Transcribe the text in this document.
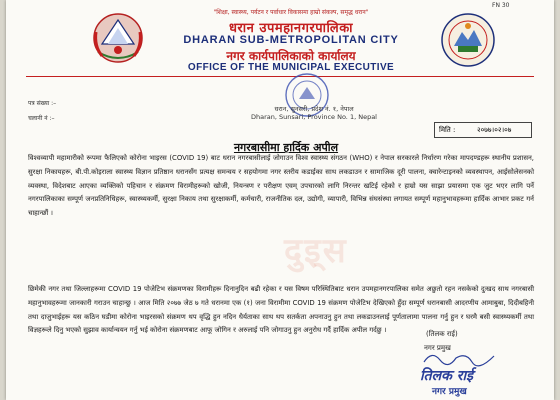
FN 30
"शिक्षा, स्वास्थ्य, पर्यटन र पर्वाधार विकासमा हाम्रो संकल्प, समृद्ध धरान"
धरान उपमहानगरपालिका
DHARAN SUB-METROPOLITAN CITY
नगर कार्यपालिकाको कार्यालय
OFFICE OF THE MUNICIPAL EXECUTIVE
पत्र संख्या :–
चलानी नं :–
धरान, सुनसरी, प्रदेश नं. १, नेपाल
Dharan, Sunsari, Province No. 1, Nepal
मिति :	२०७७।०२।०७
नगरबासीमा हार्दिक अपील

विश्वव्यापी महामारीको रूपमा फैलिएको कोरोना भाइरस (COVID 19) बाट धरान नगरबासीलाई जोगाउन विश्व स्वास्थ्य संगठन (WHO) र नेपाल सरकारले निर्धारण गरेका मापदण्डहरू स्थानीय प्रशासन, सुरक्षा निकायहरू, बी.पी.कोइराला स्वास्थ्य विज्ञान प्रतिष्ठान धरानसँग प्रत्यक्ष समन्वय र सहयोगमा नगर स्तरीय कडाईका साथ लकडाउन र सामाजिक दूरी पालना, क्वारेन्टाइनको व्यवस्थापन, आईसोलेसनको व्यवस्था, विदेशबाट आएका व्यक्तिको पहिचान र संक्रमण विरामीहरूको खोजी, नियन्त्रण र परीक्षण एवम् उपचारको लागि निरन्तर खटिई रहेको र हाम्रो यस साझा प्रयासमा एक जुट भएर लागि पर्ने नगरपालिकाका सम्पूर्ण जनप्रतिनिधिहरू, स्वास्थ्यकर्मी, सुरक्षा निकाय तथा सुरक्षाकर्मी, कर्मचारी, राजनीतिक दल, उद्योगी, व्यापारी, विभिन्न संघसंस्था लगायत सम्पूर्ण महानुभावहरूमा हार्दिक आभार प्रकट गर्न चाहान्छौं ।

छिमेकी नगर तथा जिल्लाहरूमा COVID 19 पोजेटिभ संक्रमणका विरामीहरू दिनानुदिन बढी रहेका र यस विषम परिस्थितिबाट धरान उपमहानगरपालिका समेत अछुतो रहन नसकेको दुःखद साथ नगरबासी महानुभावहरूमा जानकारी गराउन चाहान्छु । आज मिति २०७७ जेठ ७ गते धरानमा एक (१) जना विरामीमा COVID 19 संक्रमण पोजेटिभ देखिएको हुँदा सम्पूर्ण धरानबासी आदरणीय आमाबुबा, दिदीबहिनी तथा दाजुभाईहरू यस कठिन घडीमा कोरोना भाइरसको संक्रमण थप वृद्धि हुन नदिन धैर्यताका साथ थप सतर्कता अपनाउनु हुन तथा लकडाउनलाई पूर्णतालामा पालना गर्नु हुन र घरमै बसी स्वास्थ्यकर्मी तथा विज्ञहरूले दिनु भएको सुझाव कार्यान्वयन गर्नु भई कोरोना संक्रमणबाट आफू जोगिन र अरुलाई पनि जोगाउनु हुन अनुरोध गर्दै हार्दिक अपील गर्दछु ।

दुइ्स
(तिलक राई)
नगर प्रमुख
तिलक राई
नगर प्रमुख
